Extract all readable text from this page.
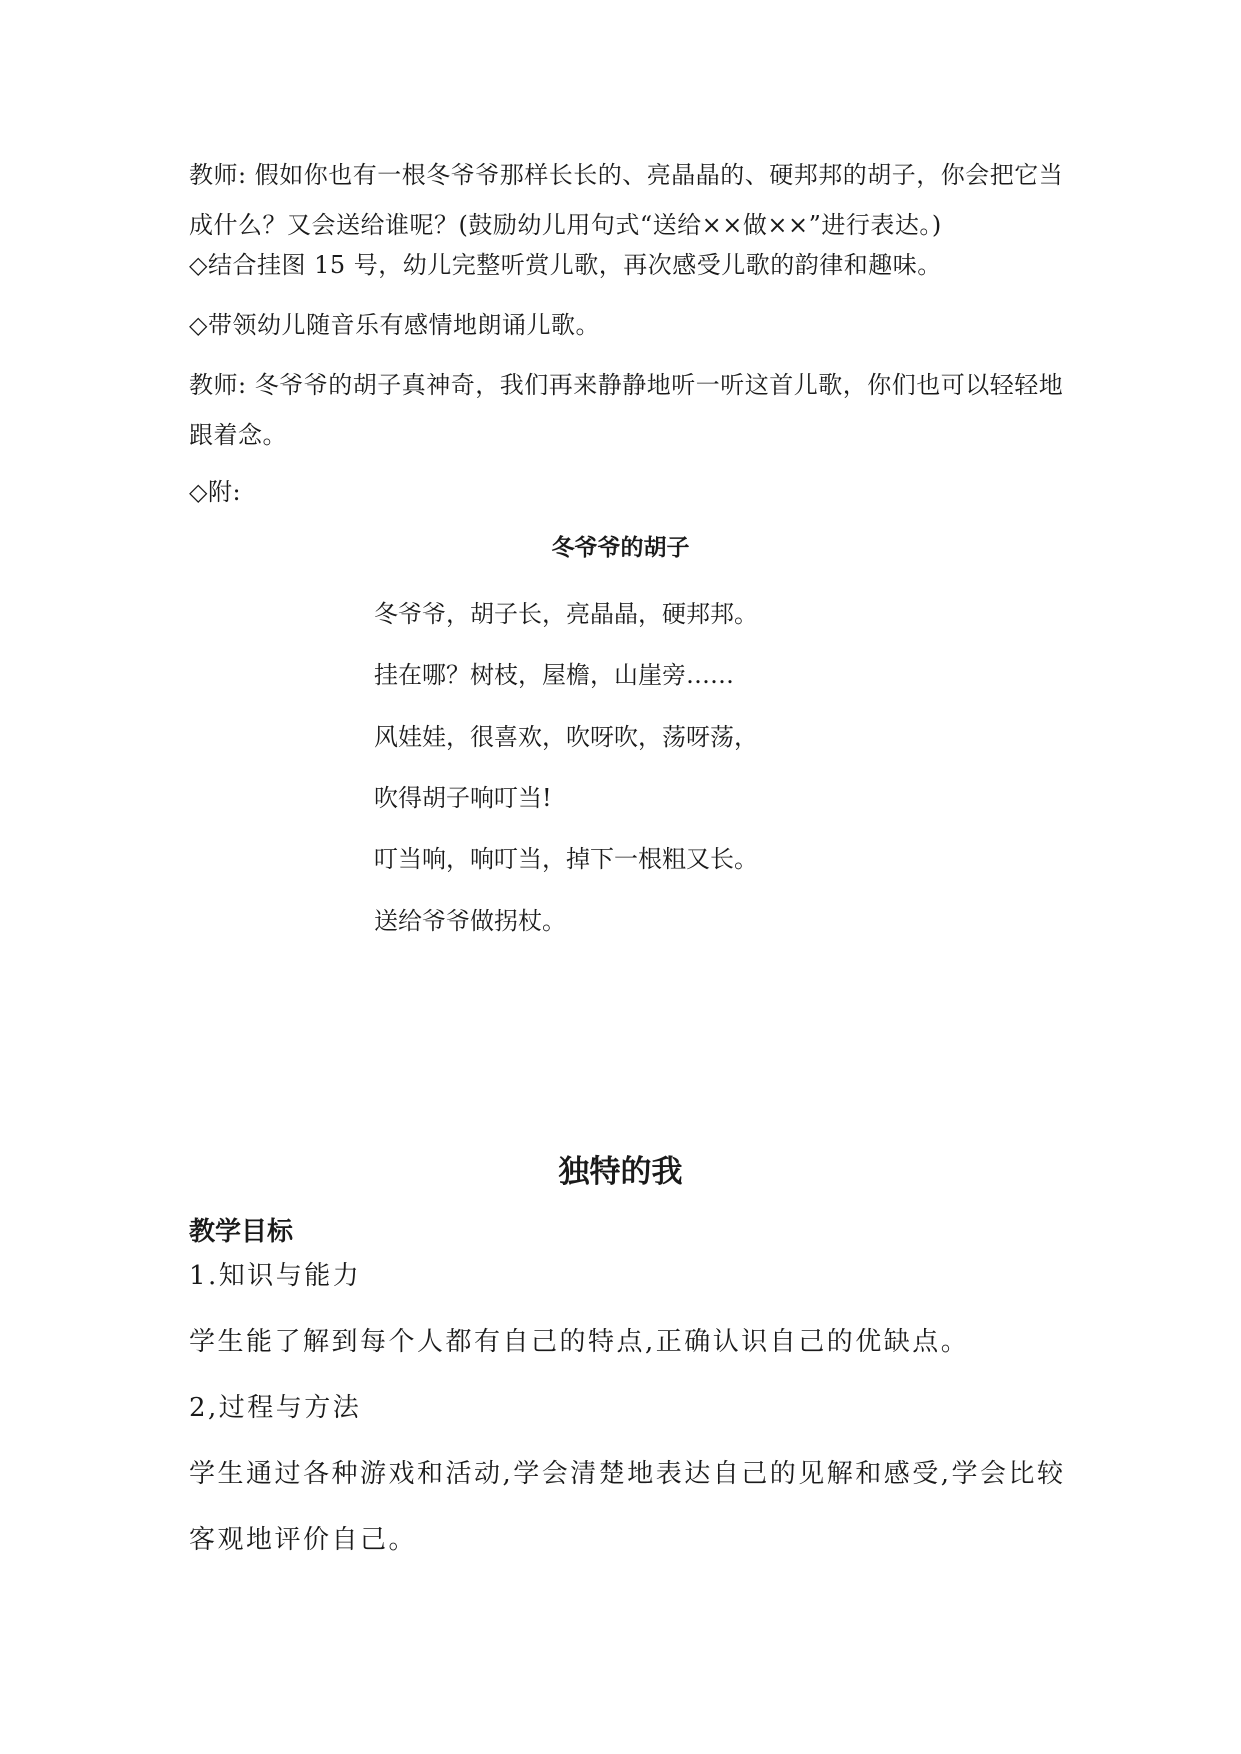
教师: 假如你也有一根冬爷爷那样长长的、亮晶晶的、硬邦邦的胡子，你会把它当成什么？又会送给谁呢？(鼓励幼儿用句式“送给××做××”进行表达。)

◇结合挂图 15 号，幼儿完整听赏儿歌，再次感受儿歌的韵律和趣味。

◇带领幼儿随音乐有感情地朗诵儿歌。

教师: 冬爷爷的胡子真神奇，我们再来静静地听一听这首儿歌，你们也可以轻轻地跟着念。

◇附:

冬爷爷的胡子

冬爷爷，胡子长，亮晶晶，硬邦邦。

挂在哪？树枝，屋檐，山崖旁……

风娃娃，很喜欢，吹呀吹，荡呀荡，

吹得胡子响叮当!

叮当响，响叮当，掉下一根粗又长。

送给爷爷做拐杖。

独特的我

教学目标

1.知识与能力

学生能了解到每个人都有自己的特点,正确认识自己的优缺点。

2,过程与方法

学生通过各种游戏和活动,学会清楚地表达自己的见解和感受,学会比较客观地评价自己。
